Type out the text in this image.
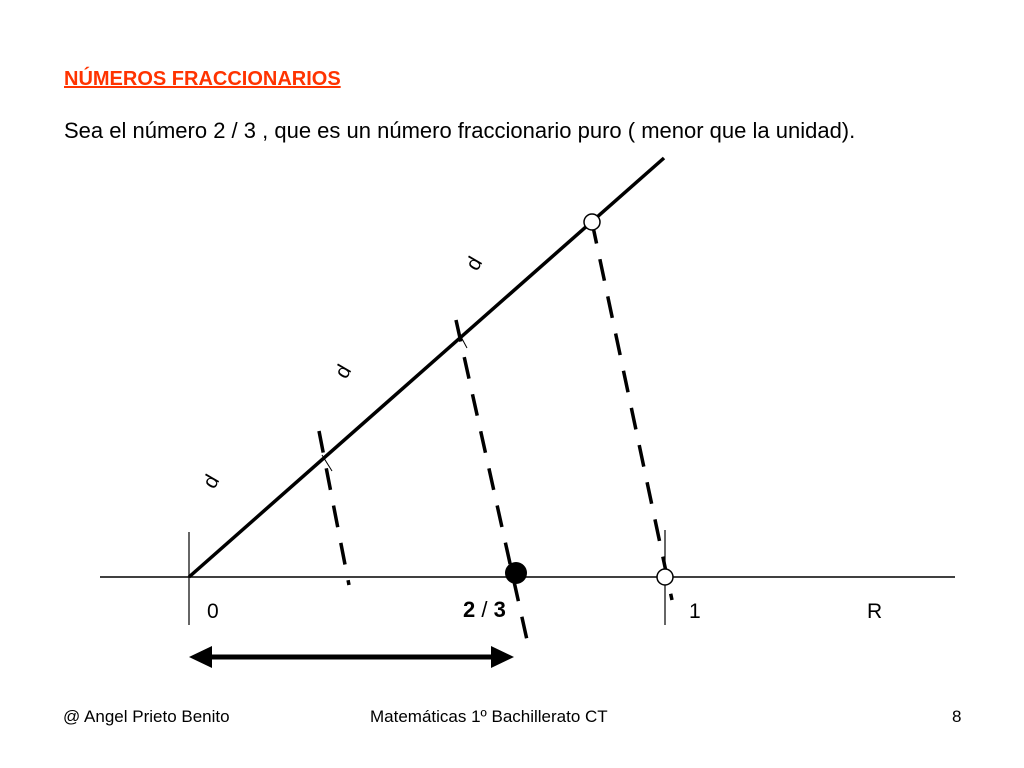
NÚMEROS FRACCIONARIOS
Sea el número 2 / 3 , que es un número fraccionario puro ( menor que la unidad).
d
d
d
0	2 / 3	1	R
@ Angel Prieto Benito	Matemáticas 1º Bachillerato CT	8
